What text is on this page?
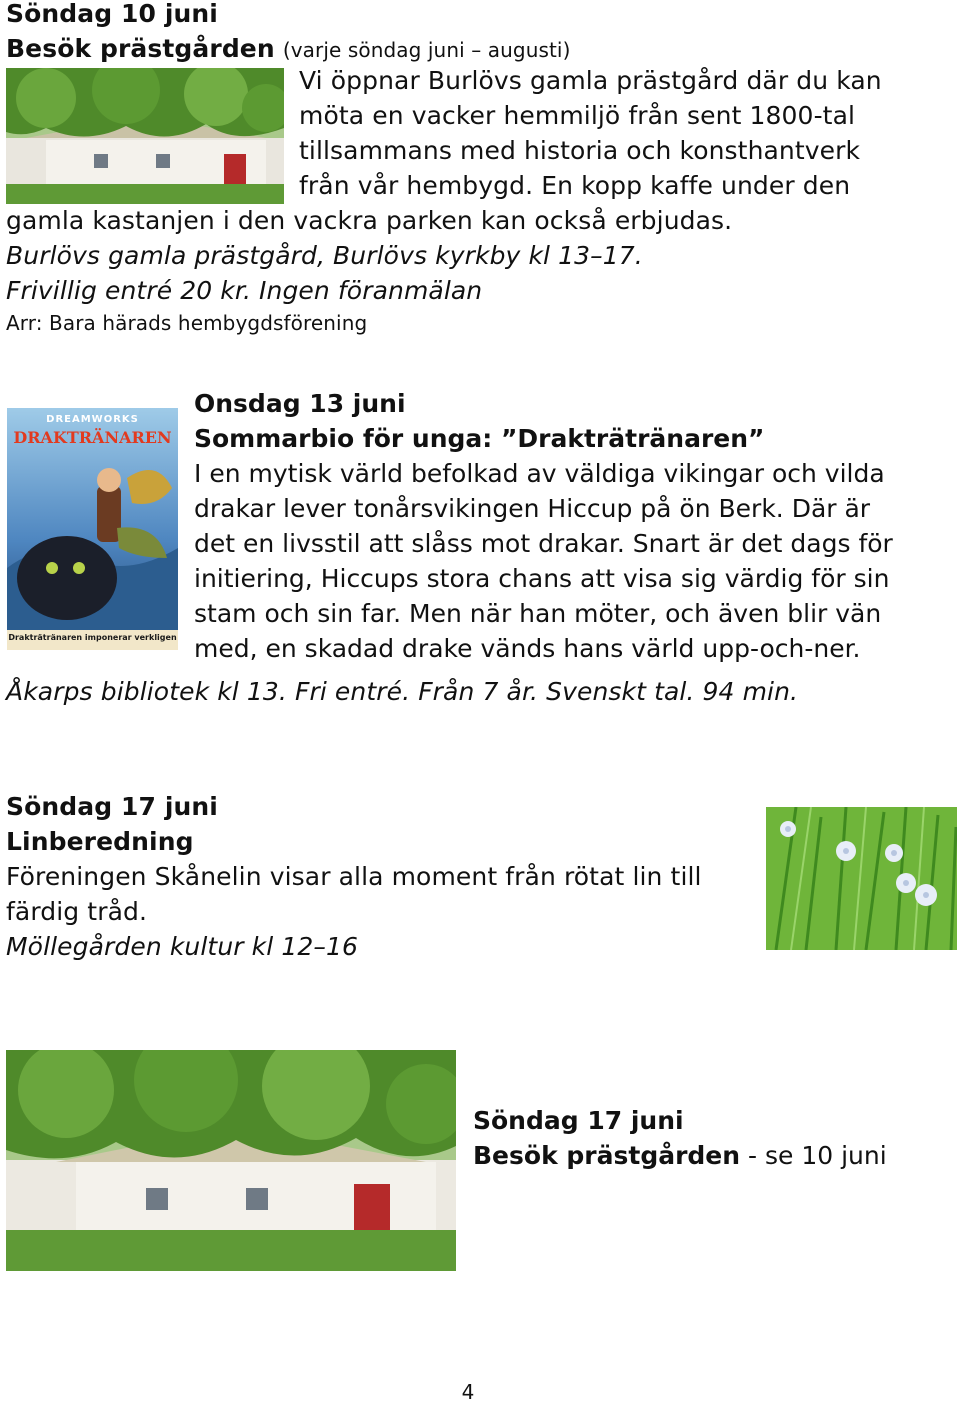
Söndag 10 juni
Besök prästgården (varje söndag juni – augusti)
Vi öppnar Burlövs gamla prästgård där du kan
möta en vacker hemmiljö från sent 1800-tal
tillsammans med historia och konsthantverk
från vår hembygd. En kopp kaffe under den
gamla kastanjen i den vackra parken kan också erbjudas.
Burlövs gamla prästgård, Burlövs kyrkby kl 13–17.
Frivillig entré 20 kr. Ingen föranmälan
Arr: Bara härads hembygdsförening
DREAMWORKS
DRAKTRÄNAREN
Drakträtränaren imponerar verkligen
Onsdag 13 juni
Sommarbio för unga: ”Drakträtränaren”
I en mytisk värld befolkad av väldiga vikingar och vilda
drakar lever tonårsvikingen Hiccup på ön Berk. Där är
det en livsstil att slåss mot drakar. Snart är det dags för
initiering, Hiccups stora chans att visa sig värdig för sin
stam och sin far. Men när han möter, och även blir vän
med, en skadad drake vänds hans värld upp-och-ner.
Åkarps bibliotek kl 13. Fri entré. Från 7 år. Svenskt tal. 94 min.
Söndag 17 juni
Linberedning
Föreningen Skånelin visar alla moment från rötat lin till
färdig tråd.
Möllegården kultur kl 12–16
Söndag 17 juni
Besök prästgården - se 10 juni
4
